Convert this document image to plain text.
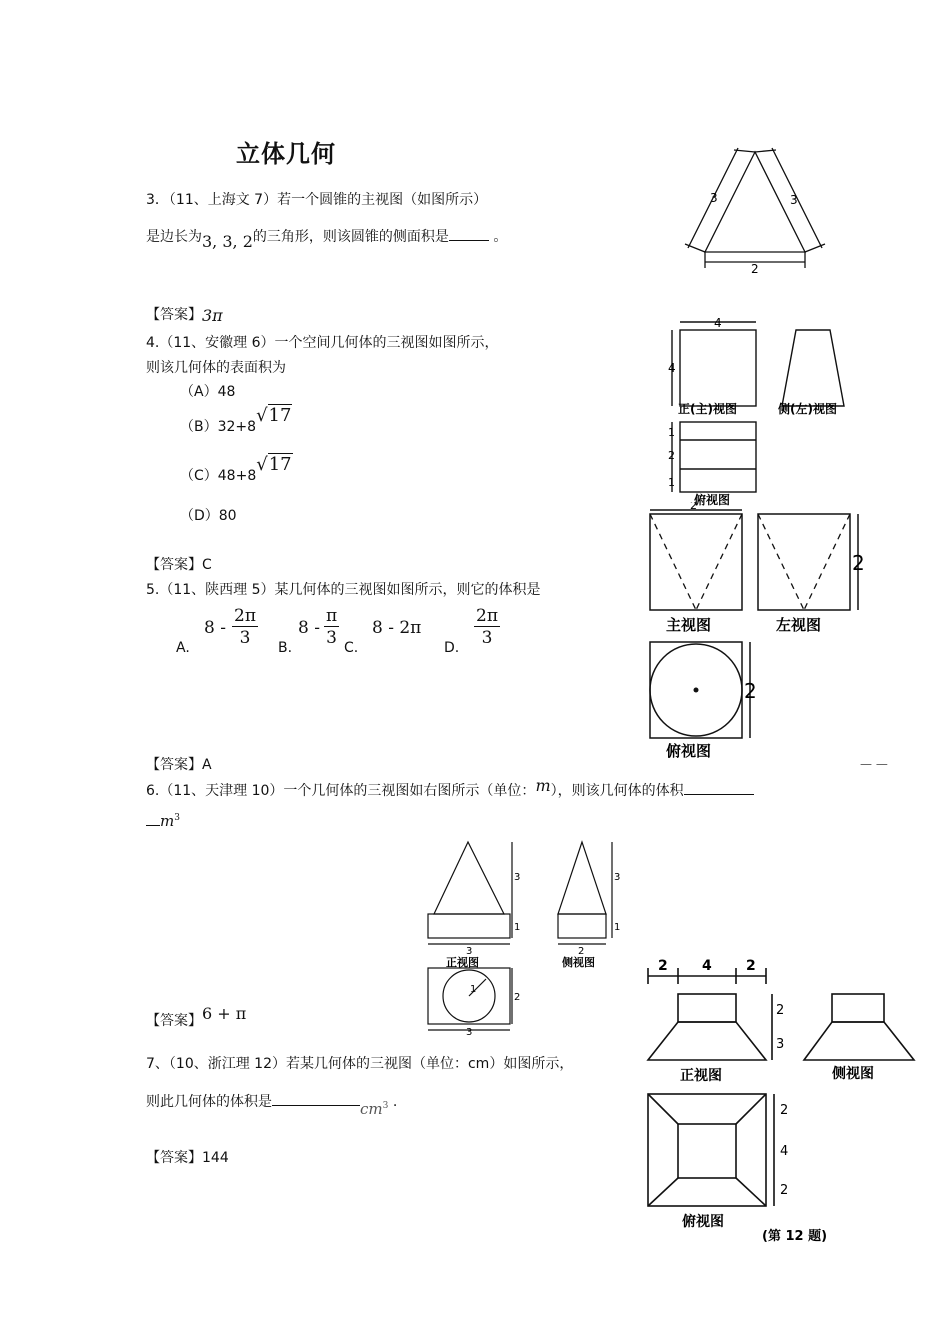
立体几何
3．（11、上海文 7）若一个圆锥的主视图（如图所示）
是边长为3, 3, 2的三角形，则该圆锥的侧面积是	。
【答案】3π
3	3
2
4.（11、安徽理 6）一个空间几何体的三视图如图所示，
则该几何体的表面积为
（A）48
（B）32+8√17
（C）48+8√17
（D）80
【答案】C
4
4
正(主)视图	侧(左)视图
1
2
1
俯视图
5.（11、陕西理 5）某几何体的三视图如图所示，则它的体积是
A.
$8 - \frac{2\pi}{3} B$.
$8 - \frac{\pi}{3} C$.
8 - 2π
D. $\frac{2\pi}{3}$
【答案】A
2
2
主视图	左视图
2
俯视图
— —
6.（11、天津理 10）一个几何体的三视图如右图所示（单位：m），则该几何体的体积
$m^3$
【答案】6 + π
3
1
3
正视图
3
1
2
侧视图
1
2
3
7、（10、浙江理 12）若某几何体的三视图（单位：cm）如图所示，
则此几何体的体积是	$cm^3$ .
【答案】144
2 4 2
2
3
正视图	侧视图
2
4
2
俯视图
(第 12 题)
